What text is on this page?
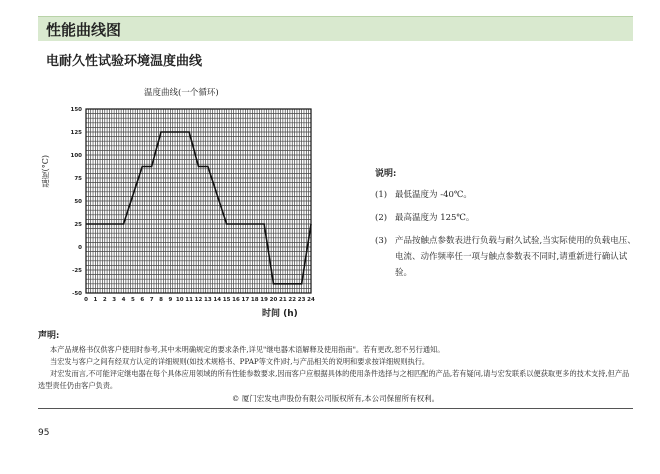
性能曲线图
电耐久性试验环境温度曲线
温度曲线(一个循环)
温度(°C)
-50
-25
0
25
50
75
100
125
150
0 1 2 3 4 5 6 7 8 9 10 11 12 13 14 15 16 17 18 19 20 21 22 23 24
时间 (h)
说明:
(1) 最低温度为 -40℃。
(2) 最高温度为 125℃。
(3) 产品按触点参数表进行负载与耐久试验,当实际使用的负载电压、电流、动作频率任一项与触点参数表不同时,请重新进行确认试验。
声明:

本产品规格书仅供客户使用时参考,其中未明确规定的要求条件,详见"继电器术语解释及使用指南"。若有更改,恕不另行通知。

当宏发与客户之间有经双方认定的详细规则(如技术规格书、PPAP等文件)时,与产品相关的说明和要求按详细规则执行。

对宏发而言,不可能评定继电器在每个具体应用领域的所有性能参数要求,因而客户应根据具体的使用条件选择与之相匹配的产品,若有疑问,请与宏发联系以便获取更多的技术支持,但产品选型责任仍由客户负责。

© 厦门宏发电声股份有限公司版权所有,本公司保留所有权利。
95
